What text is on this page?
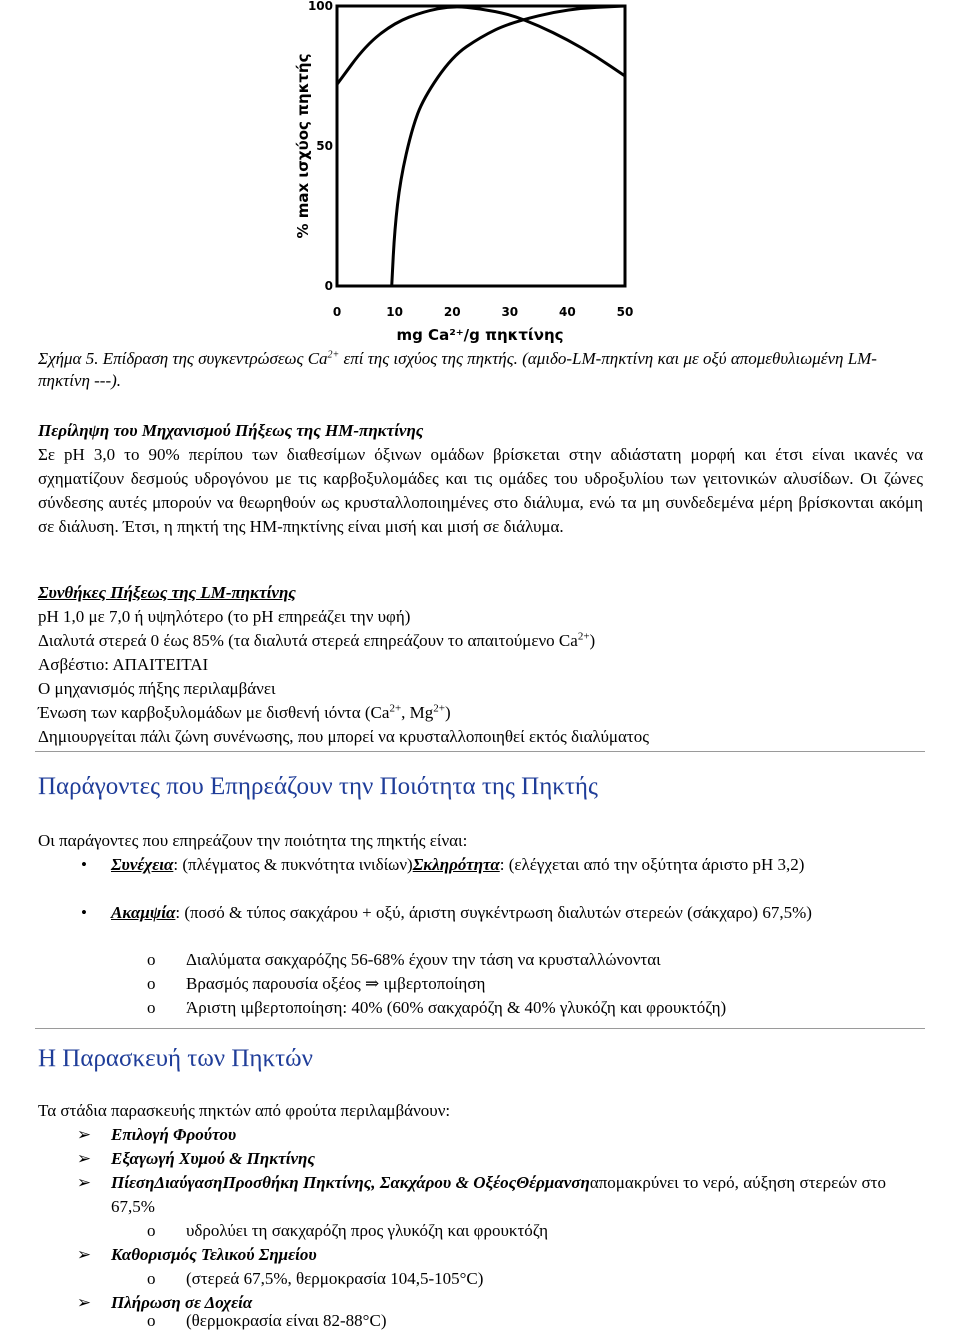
0
50
100
0	10	20	30	40	50
% max ισχύος πηκτής
mg Ca²⁺/g πηκτίνης
Σχήμα 5. Επίδραση της συγκεντρώσεως $Ca^{2+}$ επί της ισχύος της πηκτής. (αμιδο-LM-πηκτίνη και με οξύ απομεθυλιωμένη LM-πηκτίνη ---).
Περίληψη του Μηχανισμού Πήξεως της HM-πηκτίνης
Σε pH 3,0 το 90% περίπου των διαθεσίμων όξινων ομάδων βρίσκεται στην αδιάστατη μορφή και έτσι είναι ικανές να σχηματίζουν δεσμούς υδρογόνου με τις καρβοξυλομάδες και τις ομάδες του υδροξυλίου των γειτονικών αλυσίδων. Οι ζώνες σύνδεσης αυτές μπορούν να θεωρηθούν ως κρυσταλλοποιημένες στο διάλυμα, ενώ τα μη συνδεδεμένα μέρη βρίσκονται ακόμη σε διάλυση. Έτσι, η πηκτή της HM-πηκτίνης είναι μισή και μισή σε διάλυμα.
Συνθήκες Πήξεως της LM-πηκτίνης
pH 1,0 με 7,0 ή υψηλότερο (το pH επηρεάζει την υφή)
Διαλυτά στερεά 0 έως 85% (τα διαλυτά στερεά επηρεάζουν το απαιτούμενο $Ca^{2+}$)
Ασβέστιο: ΑΠΑΙΤΕΙΤΑΙ
Ο μηχανισμός πήξης περιλαμβάνει
Ένωση των καρβοξυλομάδων με δισθενή ιόντα ($Ca^{2+}$, $Mg^{2+}$)
Δημιουργείται πάλι ζώνη συνένωσης, που μπορεί να κρυσταλλοποιηθεί εκτός διαλύματος
Παράγοντες που Επηρεάζουν την Ποιότητα της Πηκτής
Οι παράγοντες που επηρεάζουν την ποιότητα της πηκτής είναι:
• Συνέχεια: (πλέγματος & πυκνότητα ινιδίων)Σκληρότητα: (ελέγχεται από την οξύτητα άριστο pH 3,2)
• Ακαμψία: (ποσό & τύπος σακχάρου + οξύ, άριστη συγκέντρωση διαλυτών στερεών (σάκχαρο) 67,5%)
o Διαλύματα σακχαρόζης 56-68% έχουν την τάση να κρυσταλλώνονται
o Βρασμός παρουσία οξέος ⇒ ιμβερτοποίηση
o Άριστη ιμβερτοποίηση: 40% (60% σακχαρόζη & 40% γλυκόζη και φρουκτόζη)
Η Παρασκευή των Πηκτών
Τα στάδια παρασκευής πηκτών από φρούτα περιλαμβάνουν:
➢ Επιλογή Φρούτου
➢ Εξαγωγή Χυμού & Πηκτίνης
➢ ΠίεσηΔιαύγασηΠροσθήκη Πηκτίνης, Σακχάρου & ΟξέοςΘέρμανσηαπομακρύνει το νερό, αύξηση στερεών στο 67,5%
o υδρολύει τη σακχαρόζη προς γλυκόζη και φρουκτόζη
➢ Καθορισμός Τελικού Σημείου
o (στερεά 67,5%, θερμοκρασία 104,5-105°C)
➢ Πλήρωση σε Δοχεία
o (θερμοκρασία είναι 82-88°C)
